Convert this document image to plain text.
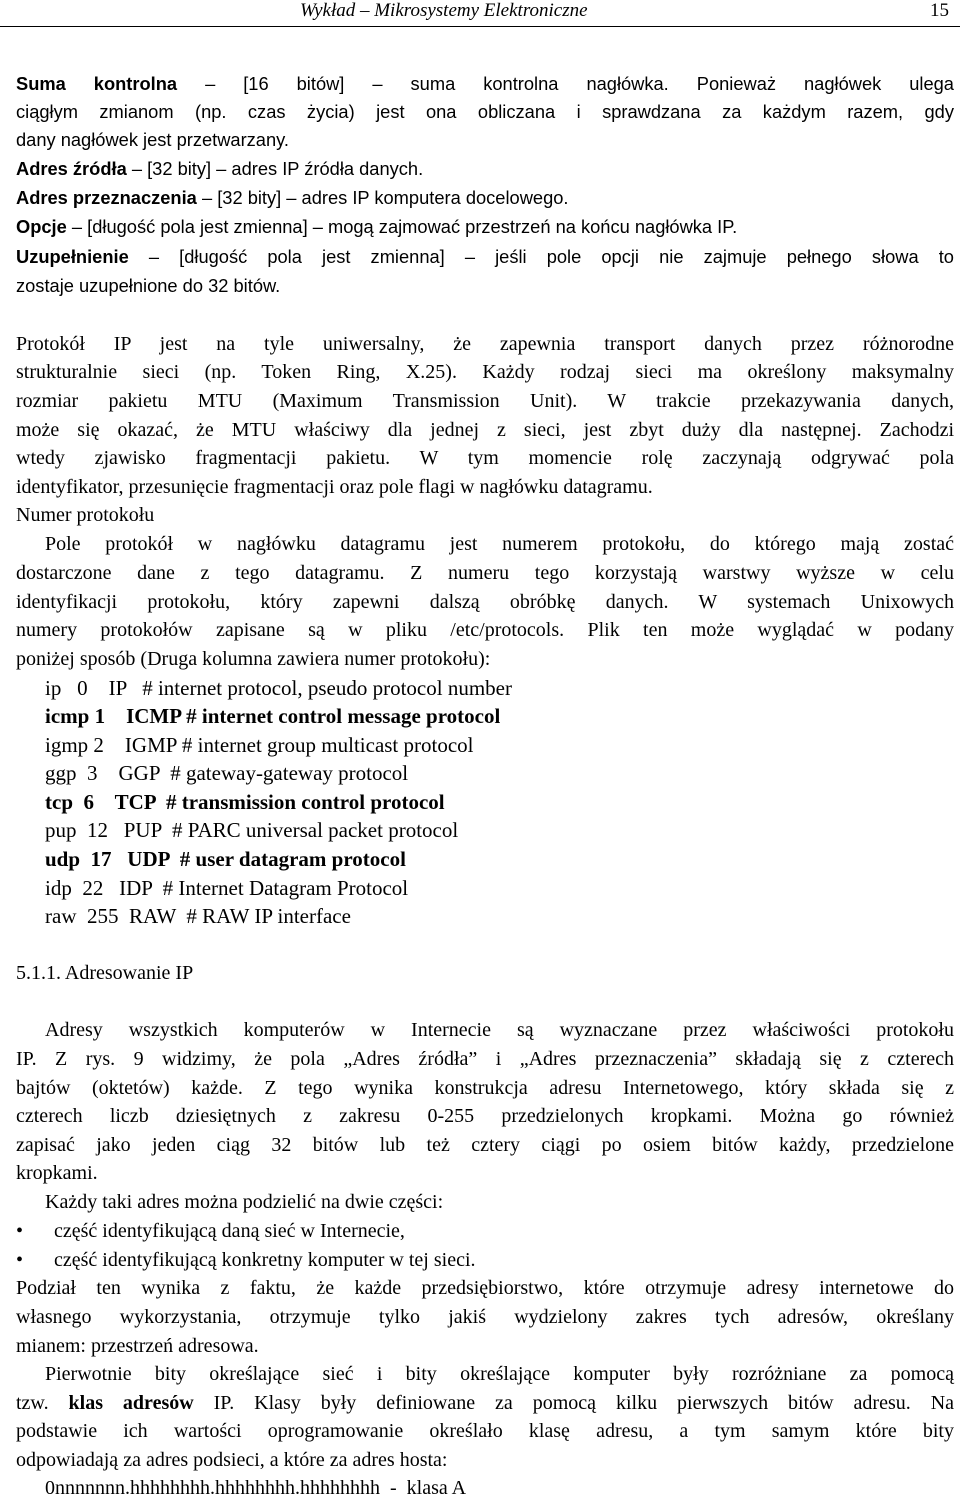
Wykład – Mikrosystemy Elektroniczne	15
Suma kontrolna – [16 bitów] – suma kontrolna nagłówka. Ponieważ nagłówek ulega
ciągłym zmianom (np. czas życia) jest ona obliczana i sprawdzana za każdym razem, gdy
dany nagłówek jest przetwarzany.
Adres źródła – [32 bity] – adres IP źródła danych.
Adres przeznaczenia – [32 bity] – adres IP komputera docelowego.
Opcje – [długość pola jest zmienna] – mogą zajmować przestrzeń na końcu nagłówka IP.
Uzupełnienie – [długość pola jest zmienna] – jeśli pole opcji nie zajmuje pełnego słowa to
zostaje uzupełnione do 32 bitów.
Protokół IP jest na tyle uniwersalny, że zapewnia transport danych przez różnorodne
strukturalnie sieci (np. Token Ring, X.25). Każdy rodzaj sieci ma określony maksymalny
rozmiar pakietu MTU (Maximum Transmission Unit). W trakcie przekazywania danych,
może się okazać, że MTU właściwy dla jednej z sieci, jest zbyt duży dla następnej. Zachodzi
wtedy zjawisko fragmentacji pakietu. W tym momencie rolę zaczynają odgrywać pola
identyfikator, przesunięcie fragmentacji oraz pole flagi w nagłówku datagramu.
Numer protokołu
Pole protokół w nagłówku datagramu jest numerem protokołu, do którego mają zostać
dostarczone dane z tego datagramu. Z numeru tego korzystają warstwy wyższe w celu
identyfikacji protokołu, który zapewni dalszą obróbkę danych. W systemach Unixowych
numery protokołów zapisane są w pliku /etc/protocols. Plik ten może wyglądać w podany
poniżej sposób (Druga kolumna zawiera numer protokołu):
ip   0    IP   # internet protocol, pseudo protocol number
icmp 1    ICMP # internet control message protocol
igmp 2    IGMP # internet group multicast protocol
ggp  3    GGP  # gateway-gateway protocol
tcp  6    TCP  # transmission control protocol
pup  12   PUP  # PARC universal packet protocol
udp  17   UDP  # user datagram protocol
idp  22   IDP  # Internet Datagram Protocol
raw  255  RAW  # RAW IP interface
5.1.1. Adresowanie IP
Adresy wszystkich komputerów w Internecie są wyznaczane przez właściwości protokołu
IP. Z rys. 9 widzimy, że pola „Adres źródła” i „Adres przeznaczenia” składają się z czterech
bajtów (oktetów) każde. Z tego wynika konstrukcja adresu Internetowego, który składa się z
czterech liczb dziesiętnych z zakresu 0-255 przedzielonych kropkami. Można go również
zapisać jako jeden ciąg 32 bitów lub też cztery ciągi po osiem bitów każdy, przedzielone
kropkami.
Każdy taki adres można podzielić na dwie części:
• część identyfikującą daną sieć w Internecie,
• część identyfikującą konkretny komputer w tej sieci.
Podział ten wynika z faktu, że każde przedsiębiorstwo, które otrzymuje adresy internetowe do
własnego wykorzystania, otrzymuje tylko jakiś wydzielony zakres tych adresów, określany
mianem: przestrzeń adresowa.
Pierwotnie bity określające sieć i bity określające komputer były rozróżniane za pomocą
tzw. klas adresów IP. Klasy były definiowane za pomocą kilku pierwszych bitów adresu. Na
podstawie ich wartości oprogramowanie określało klasę adresu, a tym samym które bity
odpowiadają za adres podsieci, a które za adres hosta:
0nnnnnnn.hhhhhhhh.hhhhhhhh.hhhhhhhh  -  klasa A
